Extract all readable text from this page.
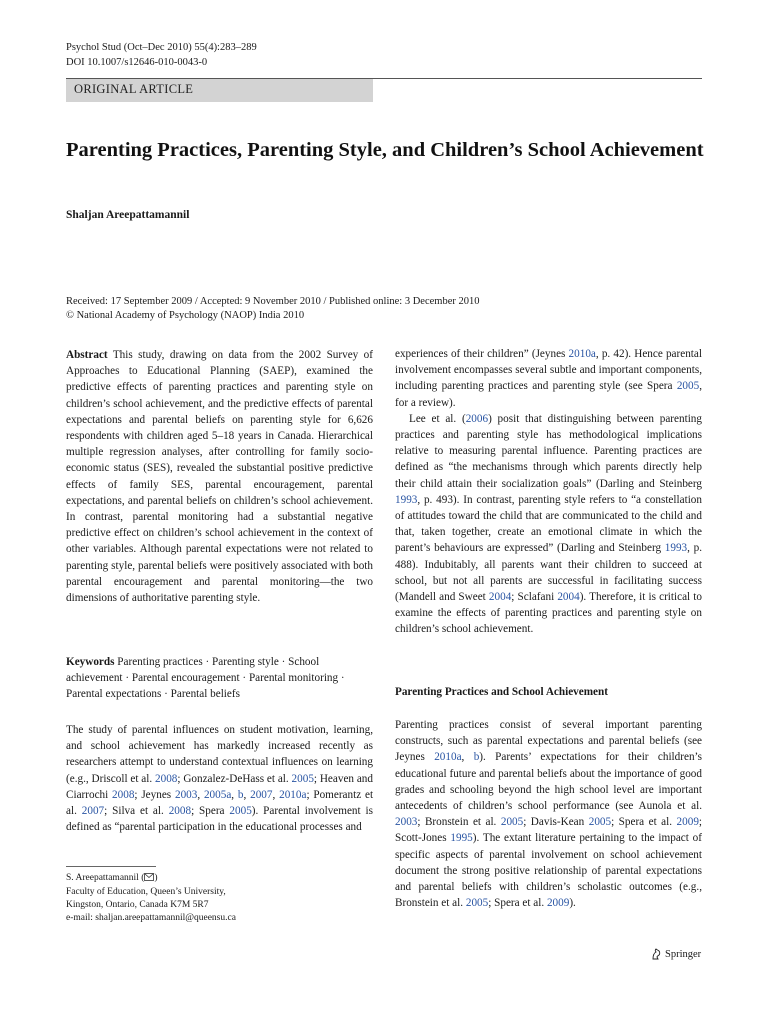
Psychol Stud (Oct–Dec 2010) 55(4):283–289
DOI 10.1007/s12646-010-0043-0
ORIGINAL ARTICLE
Parenting Practices, Parenting Style, and Children’s School Achievement
Shaljan Areepattamannil
Received: 17 September 2009 / Accepted: 9 November 2010 / Published online: 3 December 2010
© National Academy of Psychology (NAOP) India 2010

Abstract This study, drawing on data from the 2002 Survey of Approaches to Educational Planning (SAEP), examined the predictive effects of parenting practices and parenting style on children’s school achievement, and the predictive effects of parental expectations and parental beliefs on parenting style for 6,626 respondents with children aged 5–18 years in Canada. Hierarchical multiple regression analyses, after controlling for family socio-economic status (SES), revealed the substantial positive predictive effects of family SES, parental encouragement, parental expectations, and parental beliefs on children’s school achievement. In contrast, parental monitoring had a substantial negative predictive effect on children’s school achievement in the context of other variables. Although parental expectations were not related to parenting style, parental beliefs were positively associated with both parental encouragement and parental monitoring—the two dimensions of authoritative parenting style.

Keywords Parenting practices · Parenting style · School achievement · Parental encouragement · Parental monitoring · Parental expectations · Parental beliefs

The study of parental influences on student motivation, learning, and school achievement has markedly increased recently as researchers attempt to understand contextual influences on learning (e.g., Driscoll et al. 2008; Gonzalez-DeHass et al. 2005; Heaven and Ciarrochi 2008; Jeynes 2003, 2005a, b, 2007, 2010a; Pomerantz et al. 2007; Silva et al. 2008; Spera 2005). Parental involvement is defined as “parental participation in the educational processes and

S. Areepattamannil ( )
Faculty of Education, Queen’s University,
Kingston, Ontario, Canada K7M 5R7
e-mail: shaljan.areepattamannil@queensu.ca

experiences of their children” (Jeynes 2010a, p. 42). Hence parental involvement encompasses several subtle and important components, including parenting practices and parenting style (see Spera 2005, for a review).

Lee et al. (2006) posit that distinguishing between parenting practices and parenting style has methodological implications relative to measuring parental influence. Parenting practices are defined as “the mechanisms through which parents directly help their child attain their socialization goals” (Darling and Steinberg 1993, p. 493). In contrast, parenting style refers to “a constellation of attitudes toward the child that are communicated to the child and that, taken together, create an emotional climate in which the parent’s behaviours are expressed” (Darling and Steinberg 1993, p. 488). Indubitably, all parents want their children to succeed at school, but not all parents are successful in facilitating success (Mandell and Sweet 2004; Sclafani 2004). Therefore, it is critical to examine the effects of parenting practices and parenting style on children’s school achievement.

Parenting Practices and School Achievement

Parenting practices consist of several important parenting constructs, such as parental expectations and parental beliefs (see Jeynes 2010a, b). Parents’ expectations for their children’s educational future and parental beliefs about the importance of good grades and schooling beyond the high school level are important antecedents of children’s school performance (see Aunola et al. 2003; Bronstein et al. 2005; Davis-Kean 2005; Spera et al. 2009; Scott-Jones 1995). The extant literature pertaining to the impact of specific aspects of parental involvement on school achievement document the strong positive relationship of parental expectations and parental beliefs with children’s scholastic outcomes (e.g., Bronstein et al. 2005; Spera et al. 2009).

Springer
